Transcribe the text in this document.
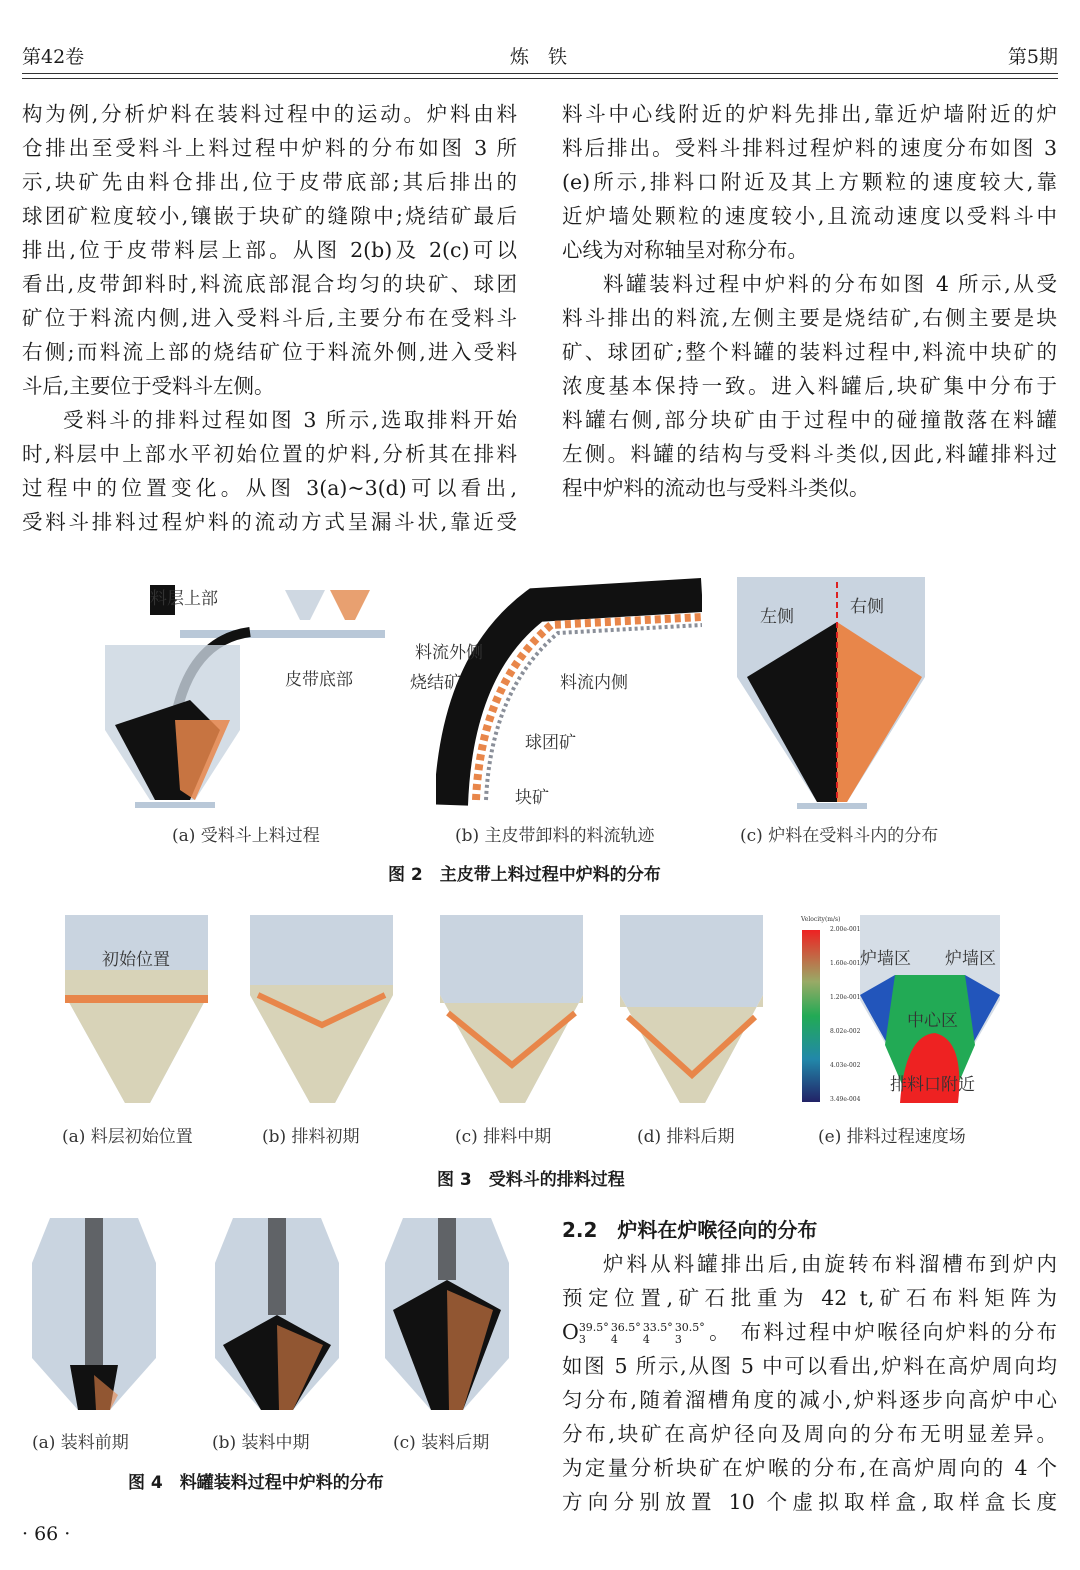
第42卷	炼　铁	第5期
构为例,分析炉料在装料过程中的运动。炉料由料
仓排出至受料斗上料过程中炉料的分布如图 3 所
示,块矿先由料仓排出,位于皮带底部;其后排出的
球团矿粒度较小,镶嵌于块矿的缝隙中;烧结矿最后
排出,位于皮带料层上部。从图 2(b)及 2(c)可以
看出,皮带卸料时,料流底部混合均匀的块矿、球团
矿位于料流内侧,进入受料斗后,主要分布在受料斗
右侧;而料流上部的烧结矿位于料流外侧,进入受料
斗后,主要位于受料斗左侧。
受料斗的排料过程如图 3 所示,选取排料开始
时,料层中上部水平初始位置的炉料,分析其在排料
过程中的位置变化。从图 3(a)~3(d)可以看出,
受料斗排料过程炉料的流动方式呈漏斗状,靠近受
料斗中心线附近的炉料先排出,靠近炉墙附近的炉
料后排出。受料斗排料过程炉料的速度分布如图 3
(e)所示,排料口附近及其上方颗粒的速度较大,靠
近炉墙处颗粒的速度较小,且流动速度以受料斗中
心线为对称轴呈对称分布。
料罐装料过程中炉料的分布如图 4 所示,从受
料斗排出的料流,左侧主要是烧结矿,右侧主要是块
矿、球团矿;整个料罐的装料过程中,料流中块矿的
浓度基本保持一致。进入料罐后,块矿集中分布于
料罐右侧,部分块矿由于过程中的碰撞散落在料罐
左侧。料罐的结构与受料斗类似,因此,料罐排料过
程中炉料的流动也与受料斗类似。
料层上部
皮带底部
料流外侧
烧结矿	料流内侧
球团矿
块矿
左侧	右侧
(a) 受料斗上料过程	(b) 主皮带卸料的料流轨迹	(c) 炉料在受料斗内的分布
图 2　主皮带上料过程中炉料的分布
初始位置
Velocity(m/s)
2.00e-001
1.60e-001
1.20e-001
8.02e-002
4.03e-002
3.49e-004
炉墙区 炉墙区
中心区
排料口附近
(a) 料层初始位置	(b) 排料初期	(c) 排料中期	(d) 排料后期	(e) 排料过程速度场
图 3　受料斗的排料过程
(a) 装料前期	(b) 装料中期	(c) 装料后期
图 4　料罐装料过程中炉料的分布
2.2　炉料在炉喉径向的分布
炉料从料罐排出后,由旋转布料溜槽布到炉内
预定位置,矿石批重为 42 t,矿石布料矩阵为
O39.5°
336.5°
433.5°
430.5°
3 。 布料过程中炉喉径向炉料的分布
如图 5 所示,从图 5 中可以看出,炉料在高炉周向均
匀分布,随着溜槽角度的减小,炉料逐步向高炉中心
分布,块矿在高炉径向及周向的分布无明显差异。
为定量分析块矿在炉喉的分布,在高炉周向的 4 个
方向分别放置 10 个虚拟取样盒,取样盒长度
· 66 ·
